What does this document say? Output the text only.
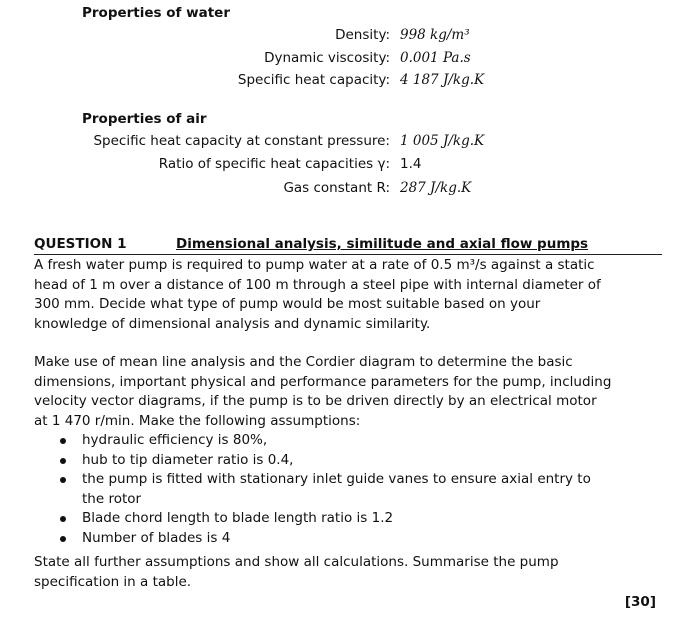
Properties of water
Density: 998 kg/m³
Dynamic viscosity: 0.001 Pa.s
Specific heat capacity: 4 187 J/kg.K
Properties of air
Specific heat capacity at constant pressure: 1 005 J/kg.K
Ratio of specific heat capacities γ: 1.4
Gas constant R: 287 J/kg.K
QUESTION 1	Dimensional analysis, similitude and axial flow pumps
A fresh water pump is required to pump water at a rate of 0.5 m³/s against a static head of 1 m over a distance of 100 m through a steel pipe with internal diameter of 300 mm. Decide what type of pump would be most suitable based on your knowledge of dimensional analysis and dynamic similarity.
Make use of mean line analysis and the Cordier diagram to determine the basic dimensions, important physical and performance parameters for the pump, including velocity vector diagrams, if the pump is to be driven directly by an electrical motor at 1 470 r/min. Make the following assumptions:
hydraulic efficiency is 80%,
hub to tip diameter ratio is 0.4,
the pump is fitted with stationary inlet guide vanes to ensure axial entry to the rotor
Blade chord length to blade length ratio is 1.2
Number of blades is 4
State all further assumptions and show all calculations. Summarise the pump specification in a table.
[30]
